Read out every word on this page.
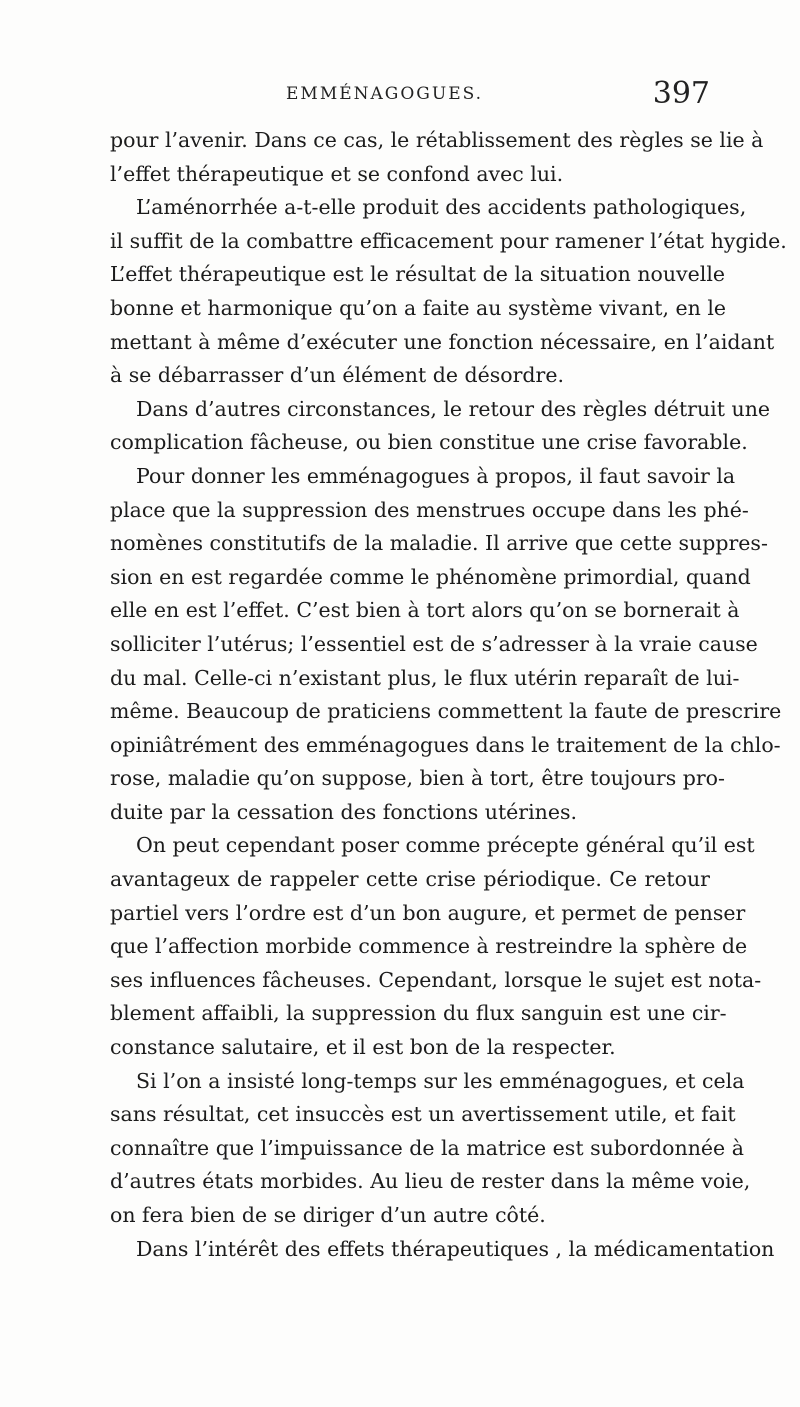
EMMÉNAGOGUES.	397
pour l’avenir. Dans ce cas, le rétablissement des règles se lie à
l’effet thérapeutique et se confond avec lui.
L’aménorrhée a-t-elle produit des accidents pathologiques,
il suffit de la combattre efficacement pour ramener l’état hygide.
L’effet thérapeutique est le résultat de la situation nouvelle
bonne et harmonique qu’on a faite au système vivant, en le
mettant à même d’exécuter une fonction nécessaire, en l’aidant
à se débarrasser d’un élément de désordre.
Dans d’autres circonstances, le retour des règles détruit une
complication fâcheuse, ou bien constitue une crise favorable.
Pour donner les emménagogues à propos, il faut savoir la
place que la suppression des menstrues occupe dans les phé-
nomènes constitutifs de la maladie. Il arrive que cette suppres-
sion en est regardée comme le phénomène primordial, quand
elle en est l’effet. C’est bien à tort alors qu’on se bornerait à
solliciter l’utérus; l’essentiel est de s’adresser à la vraie cause
du mal. Celle-ci n’existant plus, le flux utérin reparaît de lui-
même. Beaucoup de praticiens commettent la faute de prescrire
opiniâtrément des emménagogues dans le traitement de la chlo-
rose, maladie qu’on suppose, bien à tort, être toujours pro-
duite par la cessation des fonctions utérines.
On peut cependant poser comme précepte général qu’il est
avantageux de rappeler cette crise périodique. Ce retour
partiel vers l’ordre est d’un bon augure, et permet de penser
que l’affection morbide commence à restreindre la sphère de
ses influences fâcheuses. Cependant, lorsque le sujet est nota-
blement affaibli, la suppression du flux sanguin est une cir-
constance salutaire, et il est bon de la respecter.
Si l’on a insisté long-temps sur les emménagogues, et cela
sans résultat, cet insuccès est un avertissement utile, et fait
connaître que l’impuissance de la matrice est subordonnée à
d’autres états morbides. Au lieu de rester dans la même voie,
on fera bien de se diriger d’un autre côté.
Dans l’intérêt des effets thérapeutiques , la médicamentation
